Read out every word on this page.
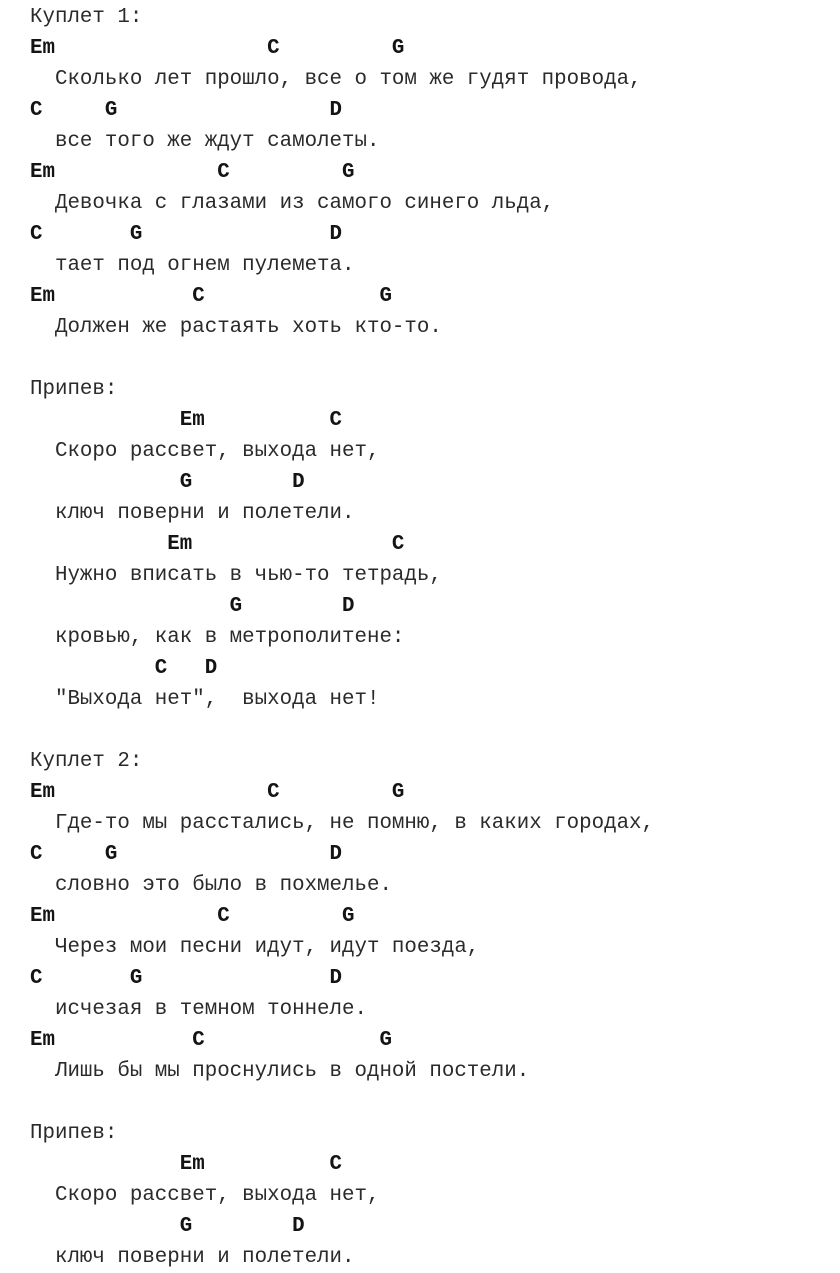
Куплет 1:
Em                 C         G
Сколько лет прошло, все о том же гудят провода,
C     G                 D
все того же ждут самолеты.
Em             C         G
Девочка с глазами из самого синего льда,
C       G               D
тает под огнем пулемета.
Em           C              G
Должен же растаять хоть кто-то.
Припев:
Em          C
Скоро рассвет, выхода нет,
G        D
ключ поверни и полетели.
Em                C
Нужно вписать в чью-то тетрадь,
G        D
кровью, как в метрополитене:
C   D
"Выхода нет",  выхода нет!
Куплет 2:
Em                 C         G
Где-то мы расстались, не помню, в каких городах,
C     G                 D
словно это было в похмелье.
Em             C         G
Через мои песни идут, идут поезда,
C       G               D
исчезая в темном тоннеле.
Em           C              G
Лишь бы мы проснулись в одной постели.
Припев:
Em          C
Скоро рассвет, выхода нет,
G        D
ключ поверни и полетели.
